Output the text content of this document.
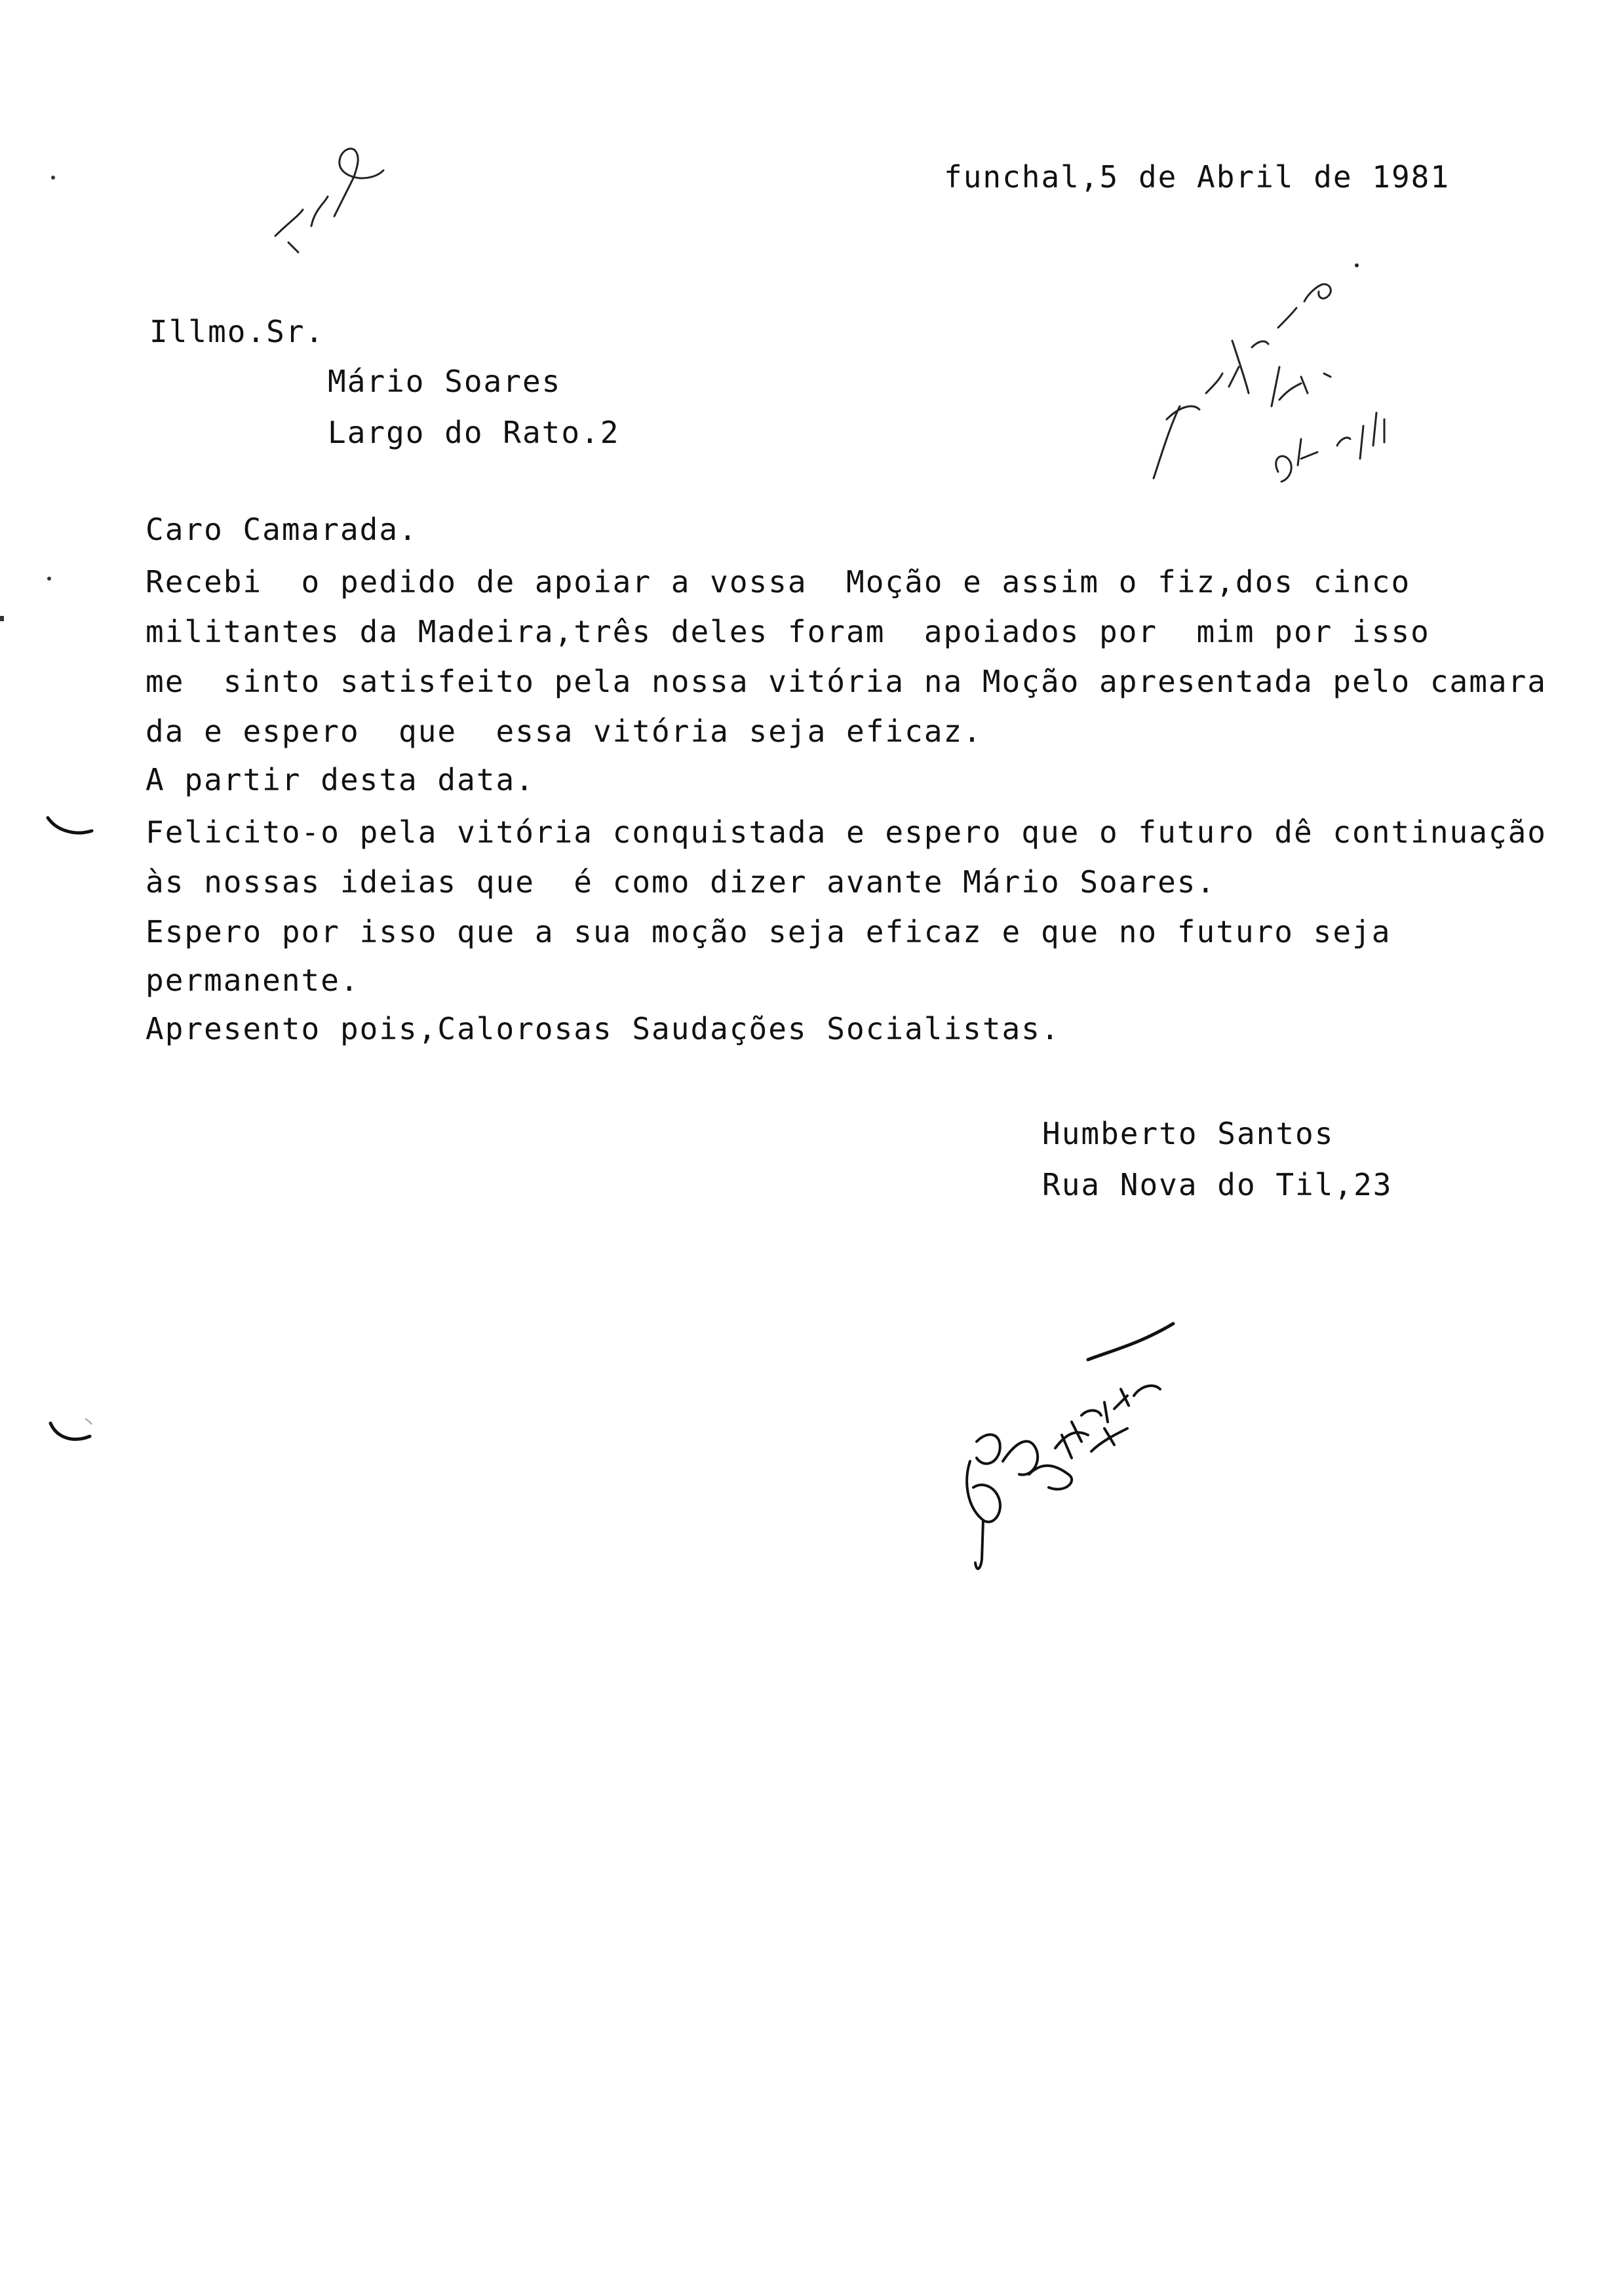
funchal,5 de Abril de 1981
Illmo.Sr.
Mário Soares
Largo do Rato.2
Caro Camarada.
Recebi  o pedido de apoiar a vossa  Moção e assim o fiz,dos cinco
militantes da Madeira,três deles foram  apoiados por  mim por isso
me  sinto satisfeito pela nossa vitória na Moção apresentada pelo camara
da e espero  que  essa vitória seja eficaz.
A partir desta data.
Felicito-o pela vitória conquistada e espero que o futuro dê continuação
às nossas ideias que  é como dizer avante Mário Soares.
Espero por isso que a sua moção seja eficaz e que no futuro seja
permanente.
Apresento pois,Calorosas Saudações Socialistas.
Humberto Santos
Rua Nova do Til,23
